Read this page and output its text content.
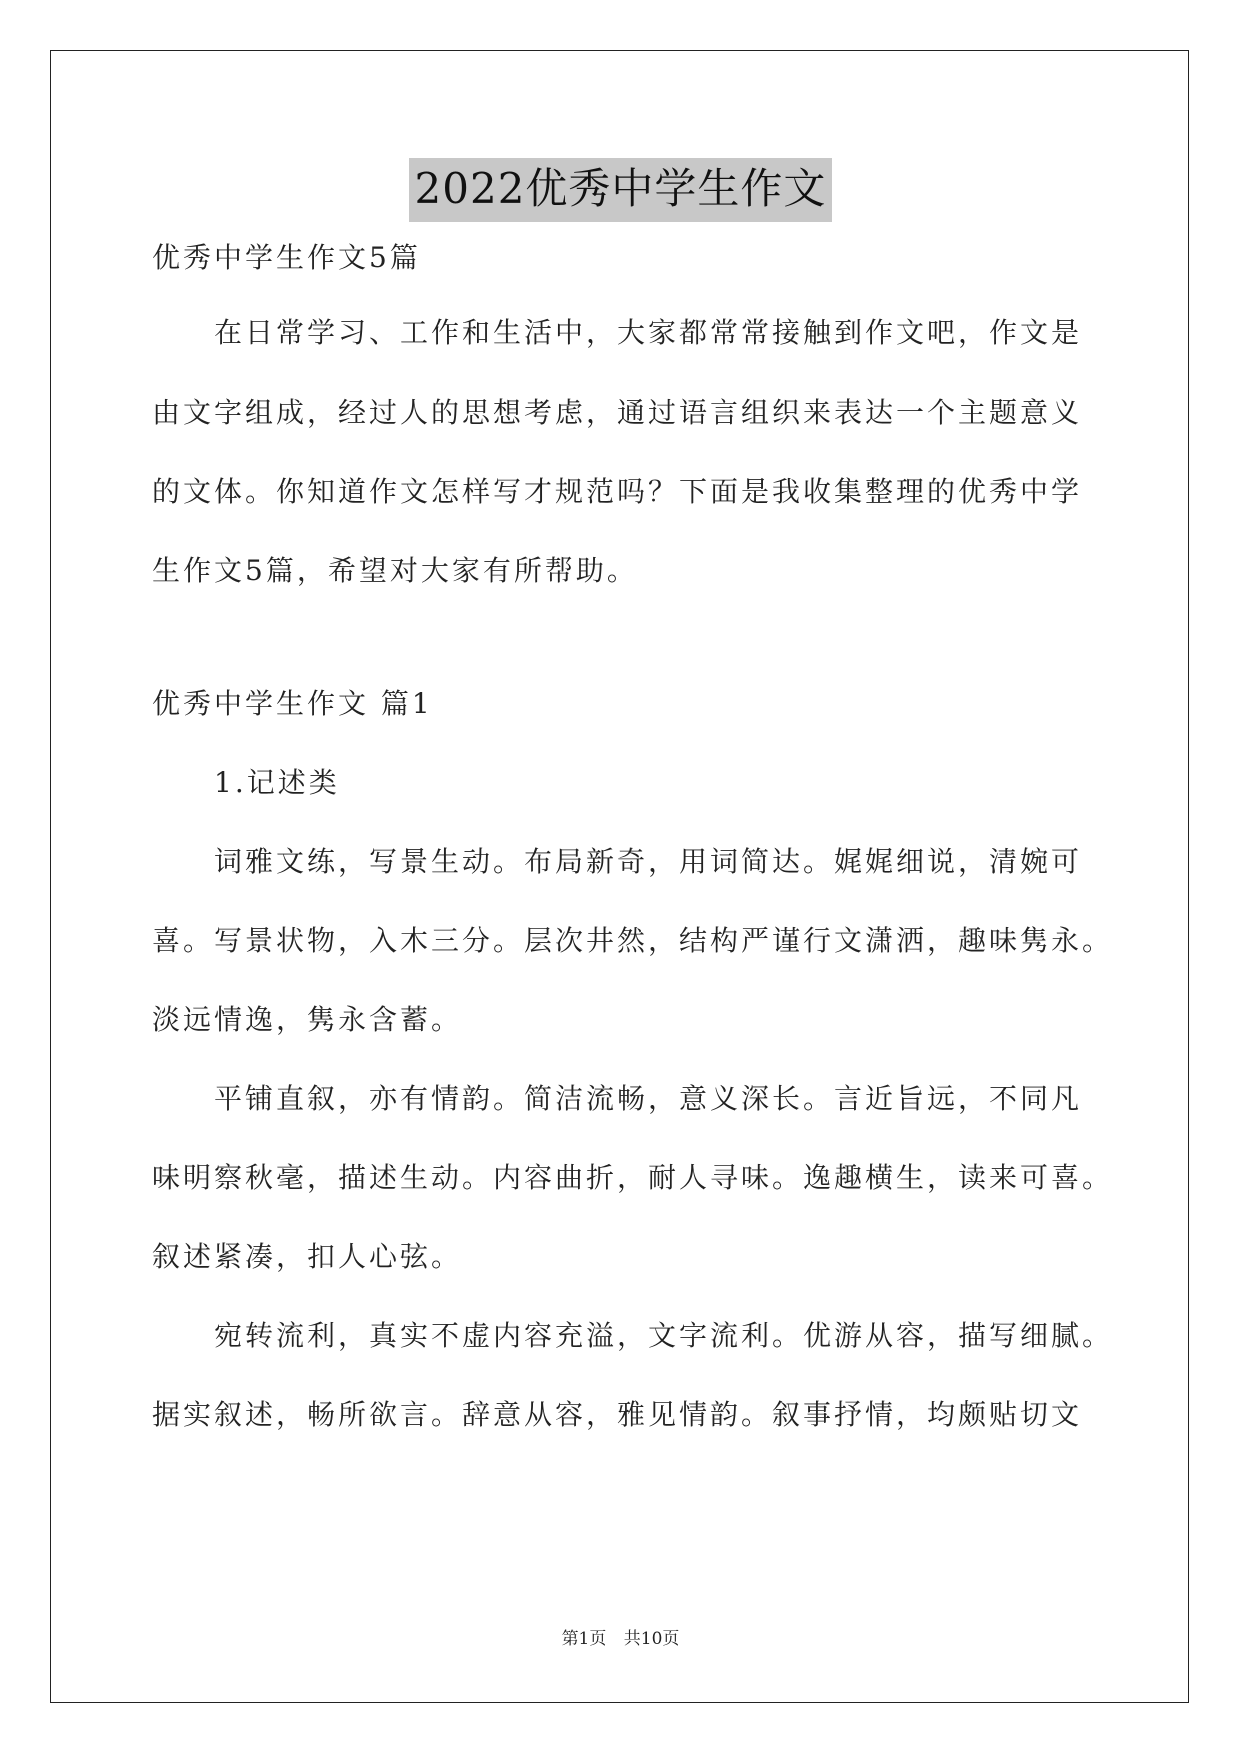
2022优秀中学生作文
优秀中学生作文5篇
在日常学习、工作和生活中，大家都常常接触到作文吧，作文是
由文字组成，经过人的思想考虑，通过语言组织来表达一个主题意义
的文体。你知道作文怎样写才规范吗？下面是我收集整理的优秀中学
生作文5篇，希望对大家有所帮助。
优秀中学生作文 篇1
1.记述类
词雅文练，写景生动。布局新奇，用词简达。娓娓细说，清婉可
喜。写景状物，入木三分。层次井然，结构严谨行文潇洒，趣味隽永。
淡远情逸，隽永含蓄。
平铺直叙，亦有情韵。简洁流畅，意义深长。言近旨远，不同凡
味明察秋毫，描述生动。内容曲折，耐人寻味。逸趣横生，读来可喜。
叙述紧凑，扣人心弦。
宛转流利，真实不虚内容充溢，文字流利。优游从容，描写细腻。
据实叙述，畅所欲言。辞意从容，雅见情韵。叙事抒情，均颇贴切文
第1页 共10页
